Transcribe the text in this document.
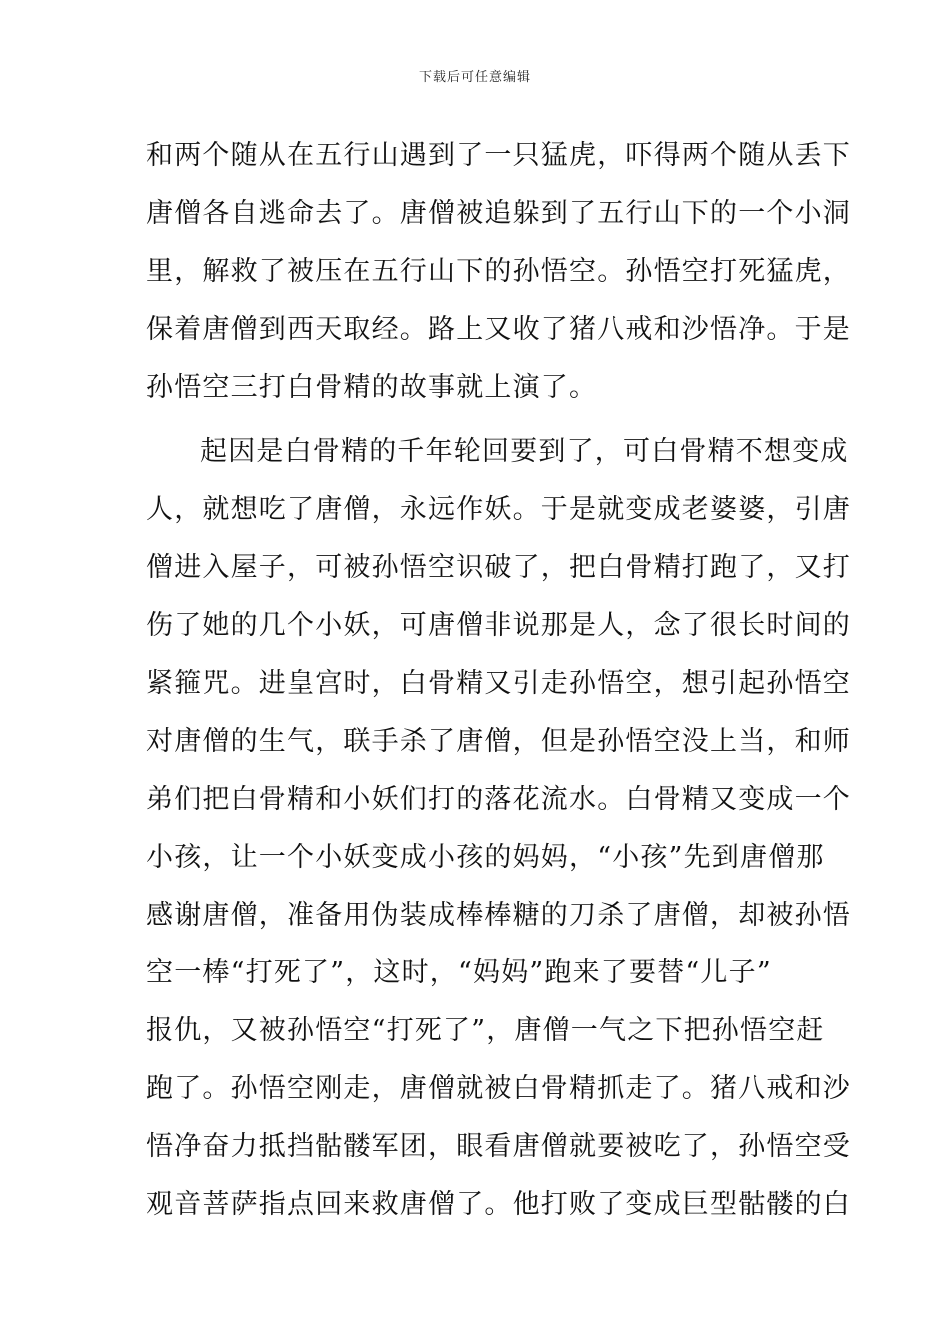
下载后可任意编辑
和两个随从在五行山遇到了一只猛虎，吓得两个随从丢下
唐僧各自逃命去了。唐僧被追躲到了五行山下的一个小洞
里，解救了被压在五行山下的孙悟空。孙悟空打死猛虎，
保着唐僧到西天取经。路上又收了猪八戒和沙悟净。于是
孙悟空三打白骨精的故事就上演了。
起因是白骨精的千年轮回要到了，可白骨精不想变成
人，就想吃了唐僧，永远作妖。于是就变成老婆婆，引唐
僧进入屋子，可被孙悟空识破了，把白骨精打跑了，又打
伤了她的几个小妖，可唐僧非说那是人，念了很长时间的
紧箍咒。进皇宫时，白骨精又引走孙悟空，想引起孙悟空
对唐僧的生气，联手杀了唐僧，但是孙悟空没上当，和师
弟们把白骨精和小妖们打的落花流水。白骨精又变成一个
小孩，让一个小妖变成小孩的妈妈，“小孩”先到唐僧那
感谢唐僧，准备用伪装成棒棒糖的刀杀了唐僧，却被孙悟
空一棒“打死了”，这时，“妈妈”跑来了要替“儿子”
报仇，又被孙悟空“打死了”，唐僧一气之下把孙悟空赶
跑了。孙悟空刚走，唐僧就被白骨精抓走了。猪八戒和沙
悟净奋力抵挡骷髅军团，眼看唐僧就要被吃了，孙悟空受
观音菩萨指点回来救唐僧了。他打败了变成巨型骷髅的白
